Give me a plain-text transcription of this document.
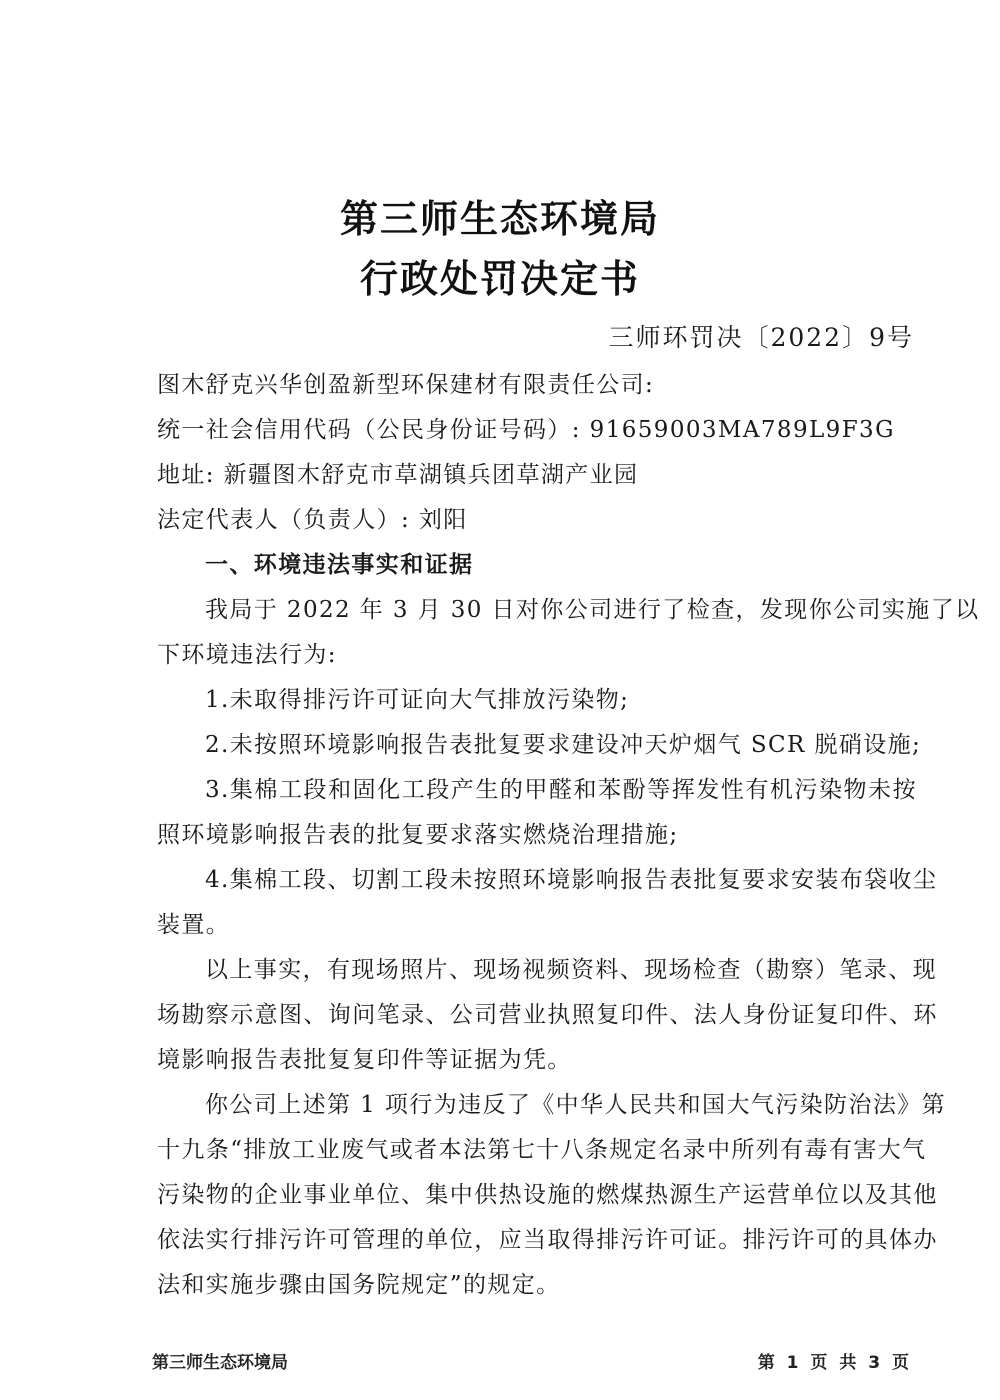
第三师生态环境局
行政处罚决定书
三师环罚决〔2022〕9号
图木舒克兴华创盈新型环保建材有限责任公司:
统一社会信用代码（公民身份证号码）: 91659003MA789L9F3G
地址: 新疆图木舒克市草湖镇兵团草湖产业园
法定代表人（负责人）: 刘阳
一、环境违法事实和证据
我局于 2022 年 3 月 30 日对你公司进行了检查，发现你公司实施了以
下环境违法行为:
1.未取得排污许可证向大气排放污染物;
2.未按照环境影响报告表批复要求建设冲天炉烟气 SCR 脱硝设施;
3.集棉工段和固化工段产生的甲醛和苯酚等挥发性有机污染物未按
照环境影响报告表的批复要求落实燃烧治理措施;
4.集棉工段、切割工段未按照环境影响报告表批复要求安装布袋收尘
装置。
以上事实，有现场照片、现场视频资料、现场检查（勘察）笔录、现
场勘察示意图、询问笔录、公司营业执照复印件、法人身份证复印件、环
境影响报告表批复复印件等证据为凭。
你公司上述第 1 项行为违反了《中华人民共和国大气污染防治法》第
十九条“排放工业废气或者本法第七十八条规定名录中所列有毒有害大气
污染物的企业事业单位、集中供热设施的燃煤热源生产运营单位以及其他
依法实行排污许可管理的单位，应当取得排污许可证。排污许可的具体办
法和实施步骤由国务院规定”的规定。
第三师生态环境局	第 1 页 共 3 页
